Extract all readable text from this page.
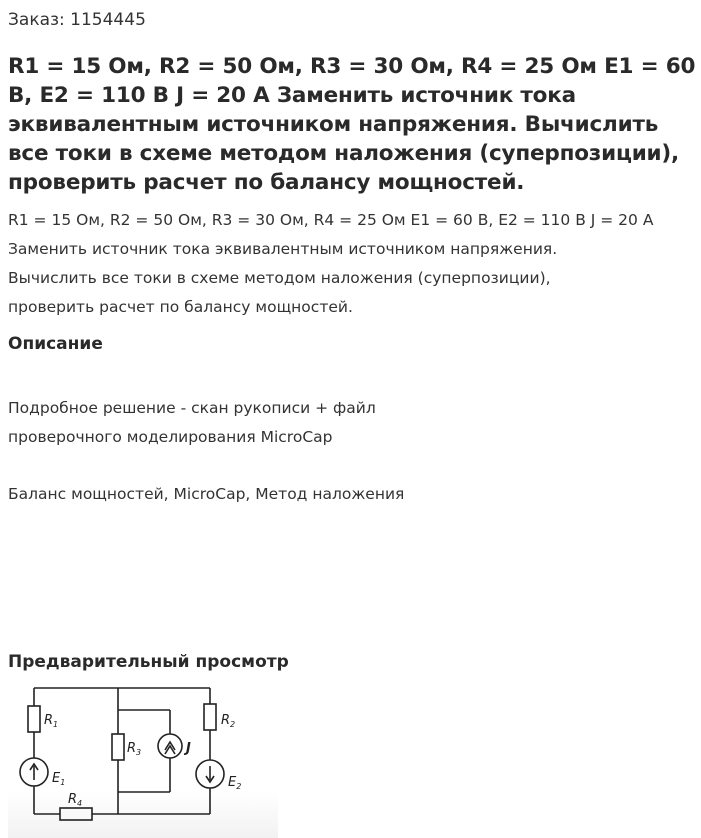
Заказ: 1154445
R1 = 15 Ом, R2 = 50 Ом, R3 = 30 Ом, R4 = 25 Ом E1 = 60 В, E2 = 110 В J = 20 А Заменить источник тока эквивалентным источником напряжения. Вычислить все токи в схеме методом наложения (суперпозиции), проверить расчет по балансу мощностей.
R1 = 15 Ом, R2 = 50 Ом, R3 = 30 Ом, R4 = 25 Ом E1 = 60 В, E2 = 110 В J = 20 А
Заменить источник тока эквивалентным источником напряжения.
Вычислить все токи в схеме методом наложения (суперпозиции),
проверить расчет по балансу мощностей.
Описание
Подробное решение - скан рукописи + файл
проверочного моделирования MicroCap
Баланс мощностей, MicroCap, Метод наложения
Предварительный просмотр
$R_1$	$R_2$
$R_3$
$R_4$
$E_1$	$E_2$
J
